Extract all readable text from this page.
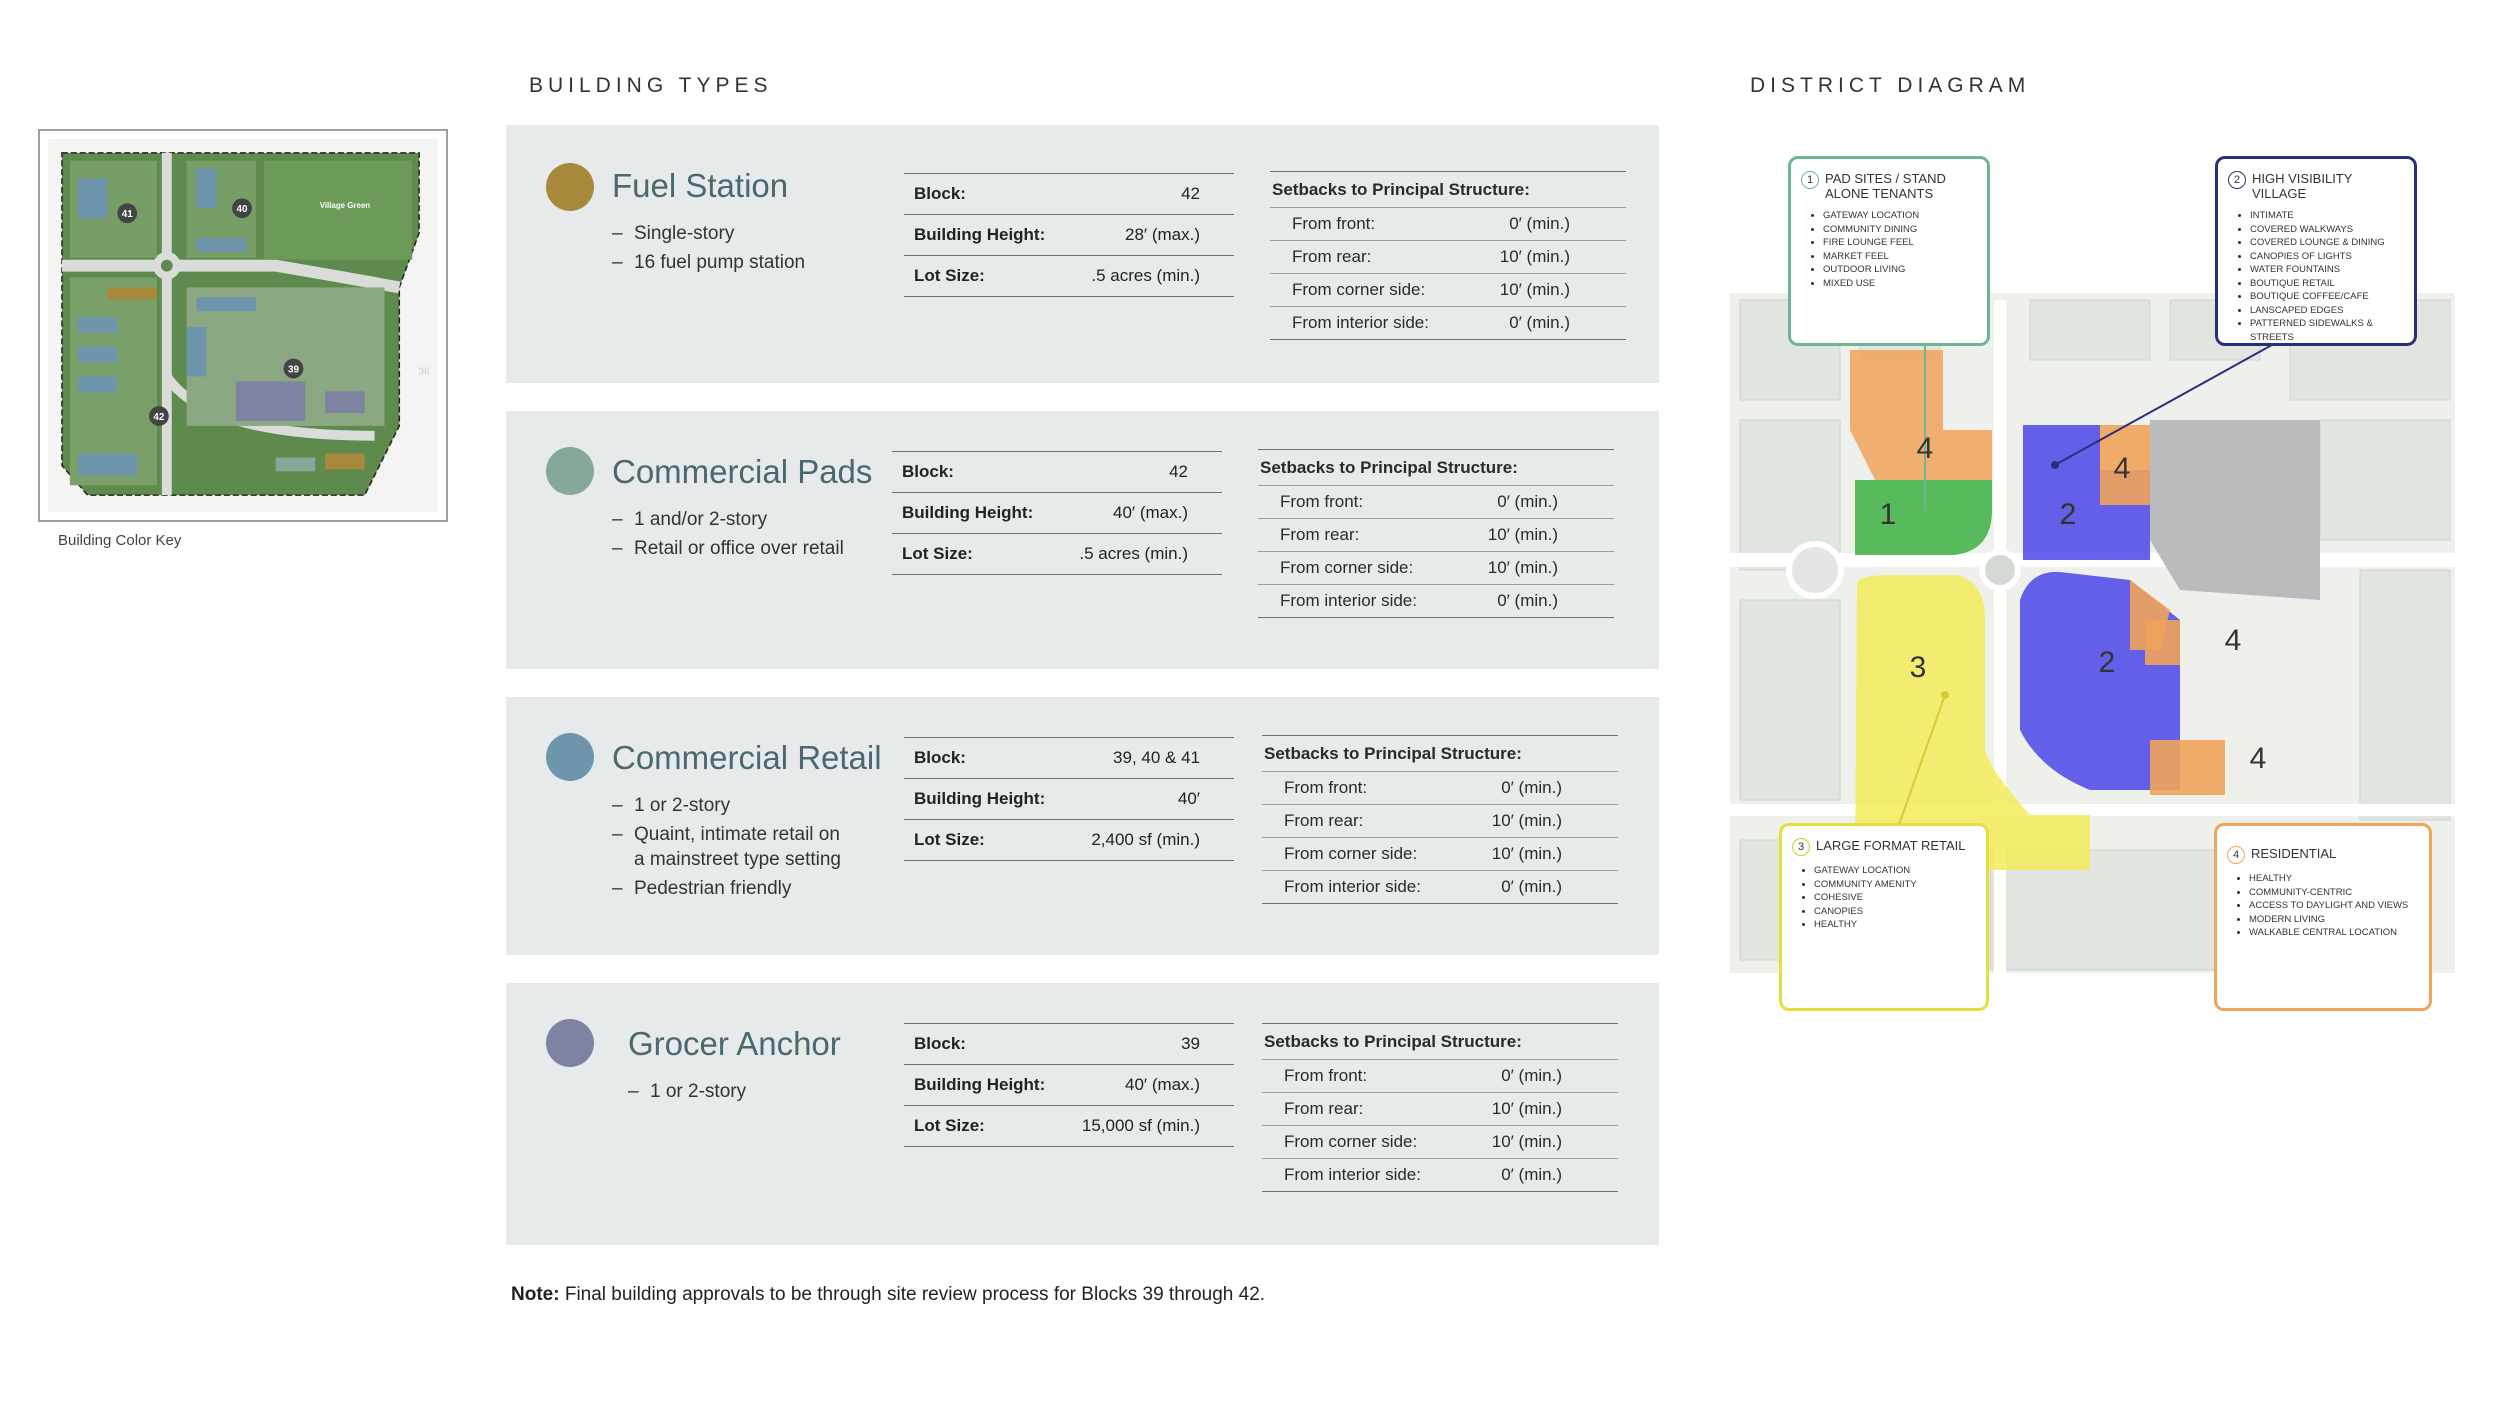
BUILDING TYPES	DISTRICT DIAGRAM
41	40
39
42
38
Village Green
Building Color Key
Fuel Station
– Single-story
– 16 fuel pump station
Block:	42
Building Height:	28′ (max.)
Lot Size:	.5 acres (min.)
Setbacks to Principal Structure:
From front:	0′ (min.)
From rear:	10′ (min.)
From corner side:	10′ (min.)
From interior side:	0′ (min.)
Commercial Pads
– 1 and/or 2-story
– Retail or office over retail
Block:	42
Building Height:	40′ (max.)
Lot Size:	.5 acres (min.)
Setbacks to Principal Structure:
From front:	0′ (min.)
From rear:	10′ (min.)
From corner side:	10′ (min.)
From interior side:	0′ (min.)
Commercial Retail
– 1 or 2-story
– Quaint, intimate retail on
a mainstreet type setting
– Pedestrian friendly
Block:	39, 40 & 41
Building Height:	40′
Lot Size:	2,400 sf (min.)
Setbacks to Principal Structure:
From front:	0′ (min.)
From rear:	10′ (min.)
From corner side:	10′ (min.)
From interior side:	0′ (min.)
Grocer Anchor
– 1 or 2-story
Block:	39
Building Height:	40′ (max.)
Lot Size:	15,000 sf (min.)
Setbacks to Principal Structure:
From front:	0′ (min.)
From rear:	10′ (min.)
From corner side:	10′ (min.)
From interior side:	0′ (min.)
Note: Final building approvals to be through site review process for Blocks 39 through 42.
4
4
1	2
2
3
4
4
1 PAD SITES / STAND ALONE TENANTS
• GATEWAY LOCATION
• COMMUNITY DINING
• FIRE LOUNGE FEEL
• MARKET FEEL
• OUTDOOR LIVING
• MIXED USE
2 HIGH VISIBILITY VILLAGE
• INTIMATE
• COVERED WALKWAYS
• COVERED LOUNGE & DINING
• CANOPIES OF LIGHTS
• WATER FOUNTAINS
• BOUTIQUE RETAIL
• BOUTIQUE COFFEE/CAFE
• LANSCAPED EDGES
• PATTERNED SIDEWALKS & STREETS
3 LARGE FORMAT RETAIL
• GATEWAY LOCATION
• COMMUNITY AMENITY
• COHESIVE
• CANOPIES
• HEALTHY
4 RESIDENTIAL
• HEALTHY
• COMMUNITY-CENTRIC
• ACCESS TO DAYLIGHT AND VIEWS
• MODERN LIVING
• WALKABLE CENTRAL LOCATION
